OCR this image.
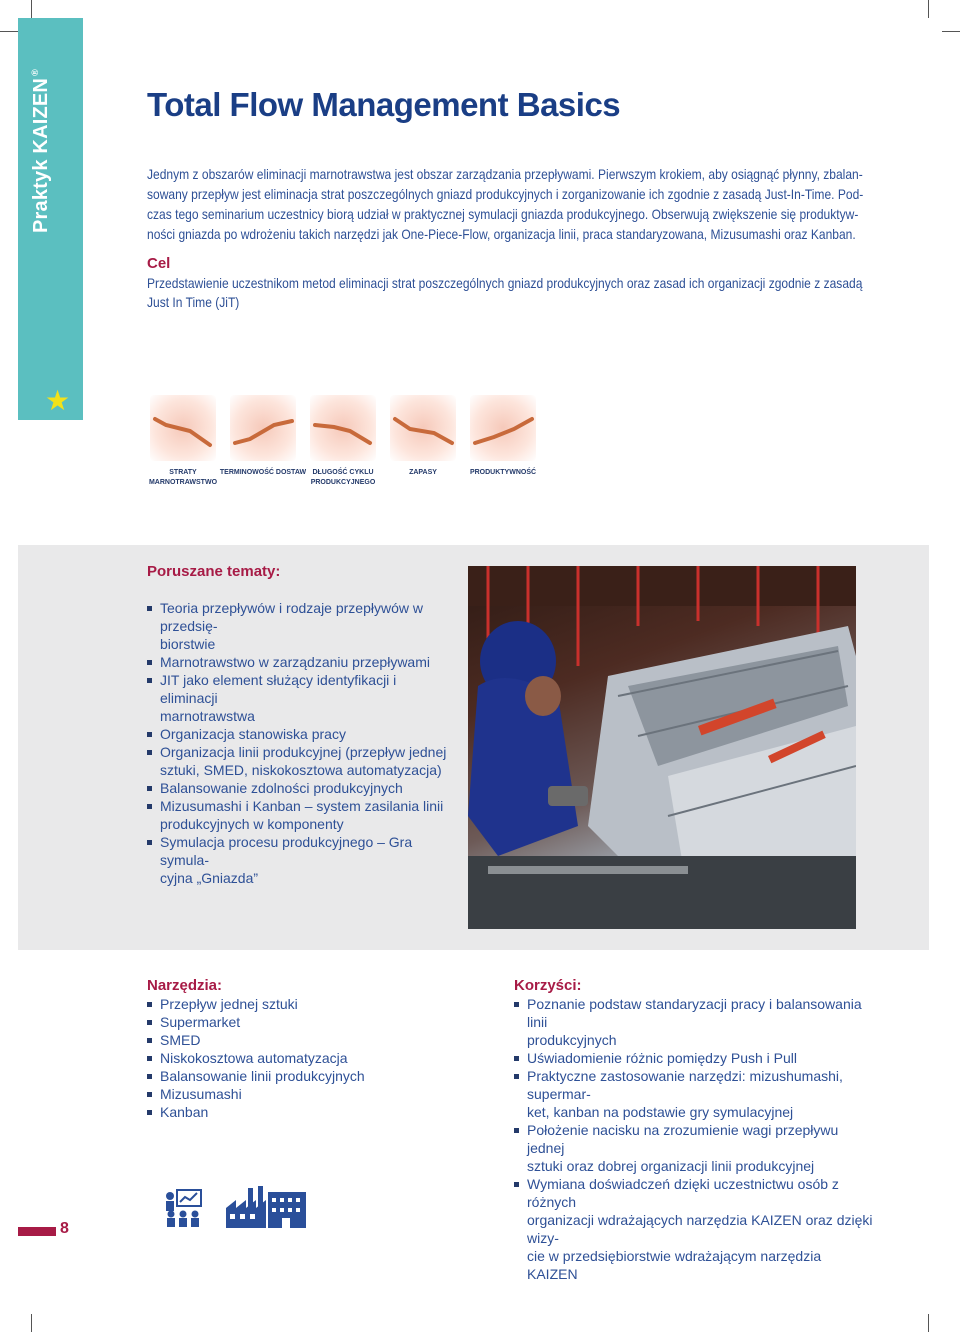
Praktyk KAIZEN®
★
Total Flow Management Basics
Jednym z obszarów eliminacji marnotrawstwa jest obszar zarządzania przepływami. Pierwszym krokiem, aby osiągnąć płynny, zbalan- sowany przepływ jest eliminacja strat poszczególnych gniazd produkcyjnych i zorganizowanie ich zgodnie z zasadą Just-In-Time. Pod- czas tego seminarium uczestnicy biorą udział w praktycznej symulacji gniazda produkcyjnego. Obserwują zwiększenie się produktyw- ności gniazda po wdrożeniu takich narzędzi jak One-Piece-Flow, organizacja linii, praca standaryzowana, Mizusumashi oraz Kanban.
Cel
Przedstawienie uczestnikom metod eliminacji strat poszczególnych gniazd produkcyjnych oraz zasad ich organizacji zgodnie z zasadą Just In Time (JiT)
STRATY
MARNOTRAWSTWO
TERMINOWOŚĆ DOSTAW DŁUGOŚĆ CYKLU
PRODUKCYJNEGO
ZAPASY	PRODUKTYWNOŚĆ
Poruszane tematy:
Teoria przepływów i rodzaje przepływów w przedsię-
biorstwie
Marnotrawstwo w zarządzaniu przepływami
JIT jako element służący identyfikacji i eliminacji
marnotrawstwa
Organizacja stanowiska pracy
Organizacja linii produkcyjnej (przepływ jednej
sztuki, SMED, niskokosztowa automatyzacja)
Balansowanie zdolności produkcyjnych
Mizusumashi i Kanban – system zasilania linii
produkcyjnych w komponenty
Symulacja procesu produkcyjnego – Gra symula-
cyjna „Gniazda”
Narzędzia:
Przepływ jednej sztuki
Supermarket
SMED
Niskokosztowa automatyzacja
Balansowanie linii produkcyjnych
Mizusumashi
Kanban
Korzyści:
Poznanie podstaw standaryzacji pracy i balansowania linii
produkcyjnych
Uświadomienie różnic pomiędzy Push i Pull
Praktyczne zastosowanie narzędzi: mizushumashi, supermar-
ket, kanban na podstawie gry symulacyjnej
Położenie nacisku na zrozumienie wagi przepływu jednej
sztuki oraz dobrej organizacji linii produkcyjnej
Wymiana doświadczeń dzięki uczestnictwu osób z różnych
organizacji wdrażających narzędzia KAIZEN oraz dzięki wizy-
cie w przedsiębiorstwie wdrażającym narzędzia KAIZEN
8
